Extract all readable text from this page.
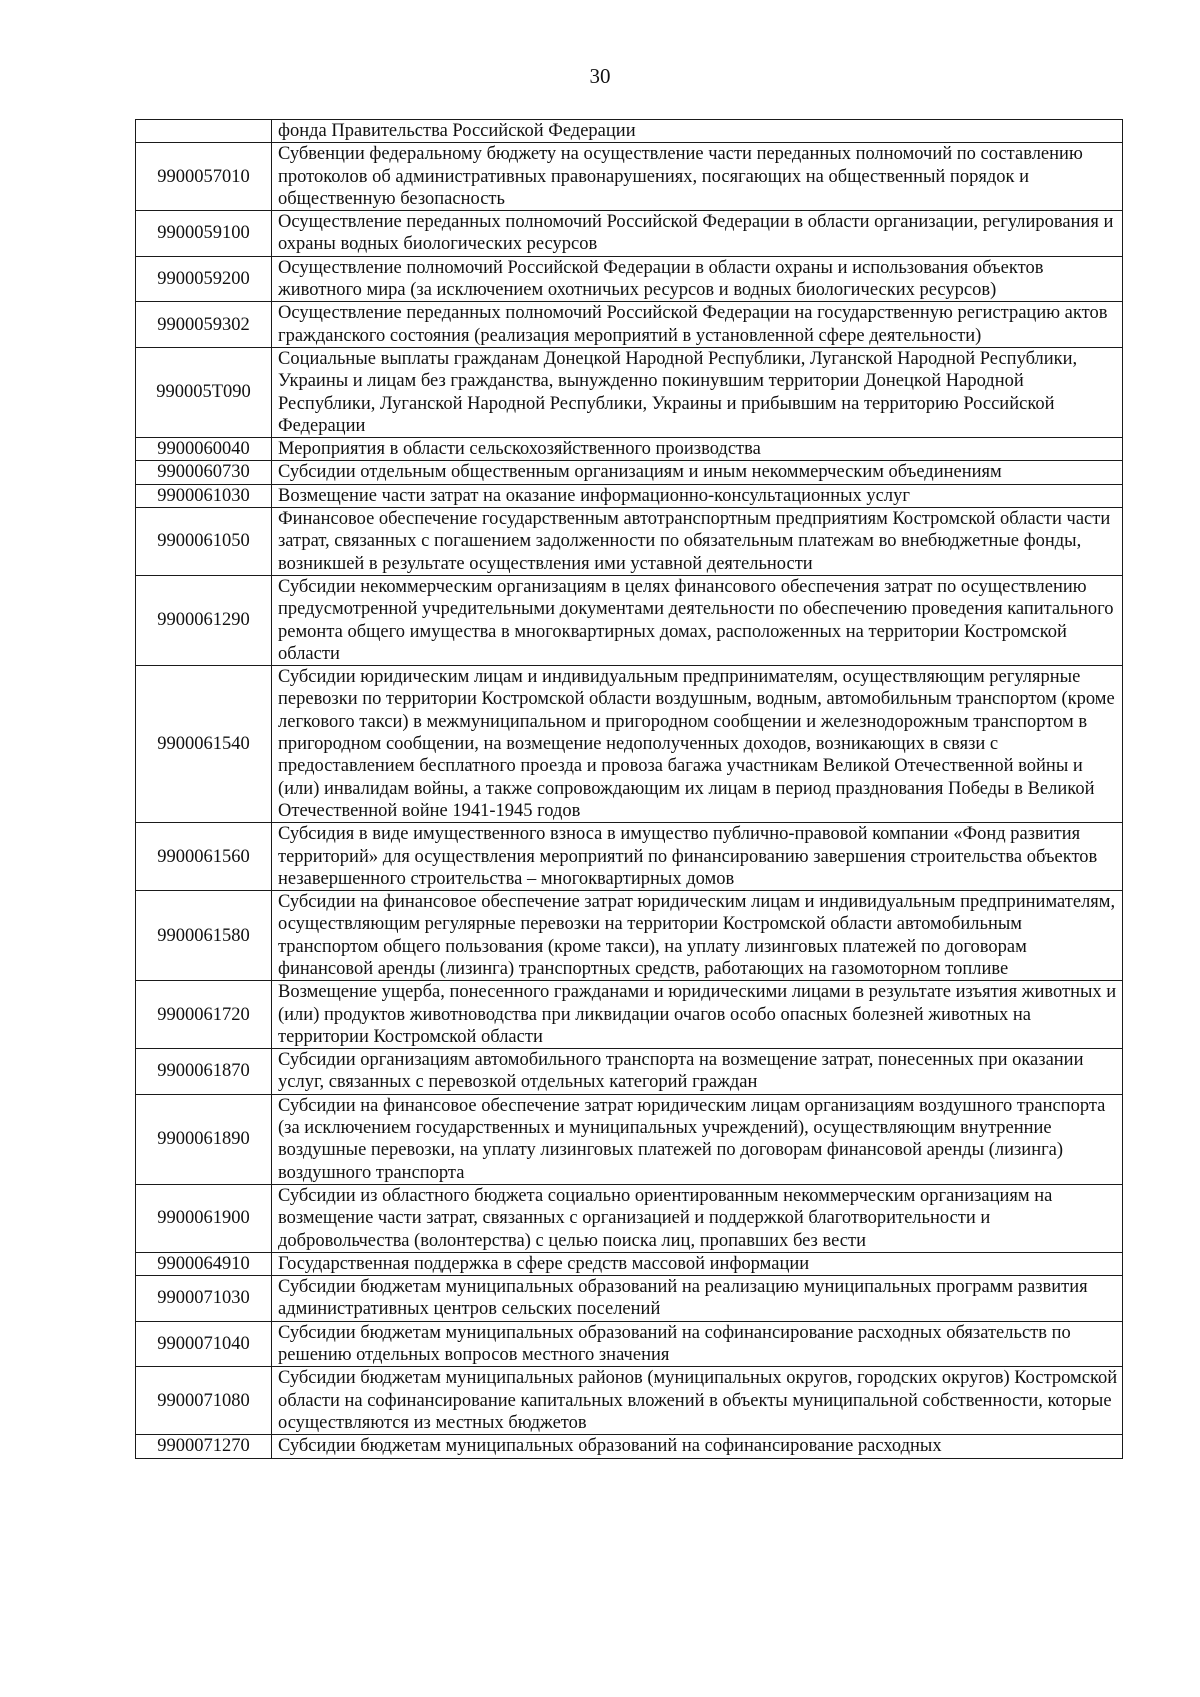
30
	фонда Правительства Российской Федерации
9900057010	Субвенции федеральному бюджету на осуществление части переданных полномочий по составлению протоколов об административных правонарушениях, посягающих на общественный порядок и общественную безопасность
9900059100	Осуществление переданных полномочий Российской Федерации в области организации, регулирования и охраны водных биологических ресурсов
9900059200	Осуществление полномочий Российской Федерации в области охраны и использования объектов животного мира (за исключением охотничьих ресурсов и водных биологических ресурсов)
9900059302	Осуществление переданных полномочий Российской Федерации на государственную регистрацию актов гражданского состояния (реализация мероприятий в установленной сфере деятельности)
990005Т090	Социальные выплаты гражданам Донецкой Народной Республики, Луганской Народной Республики, Украины и лицам без гражданства, вынужденно покинувшим территории Донецкой Народной Республики, Луганской Народной Республики, Украины и прибывшим на территорию Российской Федерации
9900060040	Мероприятия в области сельскохозяйственного производства
9900060730	Субсидии отдельным общественным организациям и иным некоммерческим объединениям
9900061030	Возмещение части затрат на оказание информационно-консультационных услуг
9900061050	Финансовое обеспечение государственным автотранспортным предприятиям Костромской области части затрат, связанных с погашением задолженности по обязательным платежам во внебюджетные фонды, возникшей в результате осуществления ими уставной деятельности
9900061290	Субсидии некоммерческим организациям в целях финансового обеспечения затрат по осуществлению предусмотренной учредительными документами деятельности по обеспечению проведения капитального ремонта общего имущества в многоквартирных домах, расположенных на территории Костромской области
9900061540	Субсидии юридическим лицам и индивидуальным предпринимателям, осуществляющим регулярные перевозки по территории Костромской области воздушным, водным, автомобильным транспортом (кроме легкового такси) в межмуниципальном и пригородном сообщении и железнодорожным транспортом в пригородном сообщении, на возмещение недополученных доходов, возникающих в связи с предоставлением бесплатного проезда и провоза багажа участникам Великой Отечественной войны и (или) инвалидам войны, а также сопровождающим их лицам в период празднования Победы в Великой Отечественной войне 1941-1945 годов
9900061560	Субсидия в виде имущественного взноса в имущество публично-правовой компании «Фонд развития территорий» для осуществления мероприятий по финансированию завершения строительства объектов незавершенного строительства – многоквартирных домов
9900061580	Субсидии на финансовое обеспечение затрат юридическим лицам и индивидуальным предпринимателям, осуществляющим регулярные перевозки на территории Костромской области автомобильным транспортом общего пользования (кроме такси), на уплату лизинговых платежей по договорам финансовой аренды (лизинга) транспортных средств, работающих на газомоторном топливе
9900061720	Возмещение ущерба, понесенного гражданами и юридическими лицами в результате изъятия животных и (или) продуктов животноводства при ликвидации очагов особо опасных болезней животных на территории Костромской области
9900061870	Субсидии организациям автомобильного транспорта на возмещение затрат, понесенных при оказании услуг, связанных с перевозкой отдельных категорий граждан
9900061890	Субсидии на финансовое обеспечение затрат юридическим лицам организациям воздушного транспорта (за исключением государственных и муниципальных учреждений), осуществляющим внутренние воздушные перевозки, на уплату лизинговых платежей по договорам финансовой аренды (лизинга) воздушного транспорта
9900061900	Субсидии из областного бюджета социально ориентированным некоммерческим организациям на возмещение части затрат, связанных с организацией и поддержкой благотворительности и добровольчества (волонтерства) с целью поиска лиц, пропавших без вести
9900064910	Государственная поддержка в сфере средств массовой информации
9900071030	Субсидии бюджетам муниципальных образований на реализацию муниципальных программ развития административных центров сельских поселений
9900071040	Субсидии бюджетам муниципальных образований на софинансирование расходных обязательств по решению отдельных вопросов местного значения
9900071080	Субсидии бюджетам муниципальных районов (муниципальных округов, городских округов) Костромской области на софинансирование капитальных вложений в объекты муниципальной собственности, которые осуществляются из местных бюджетов
9900071270	Субсидии бюджетам муниципальных образований на софинансирование расходных
